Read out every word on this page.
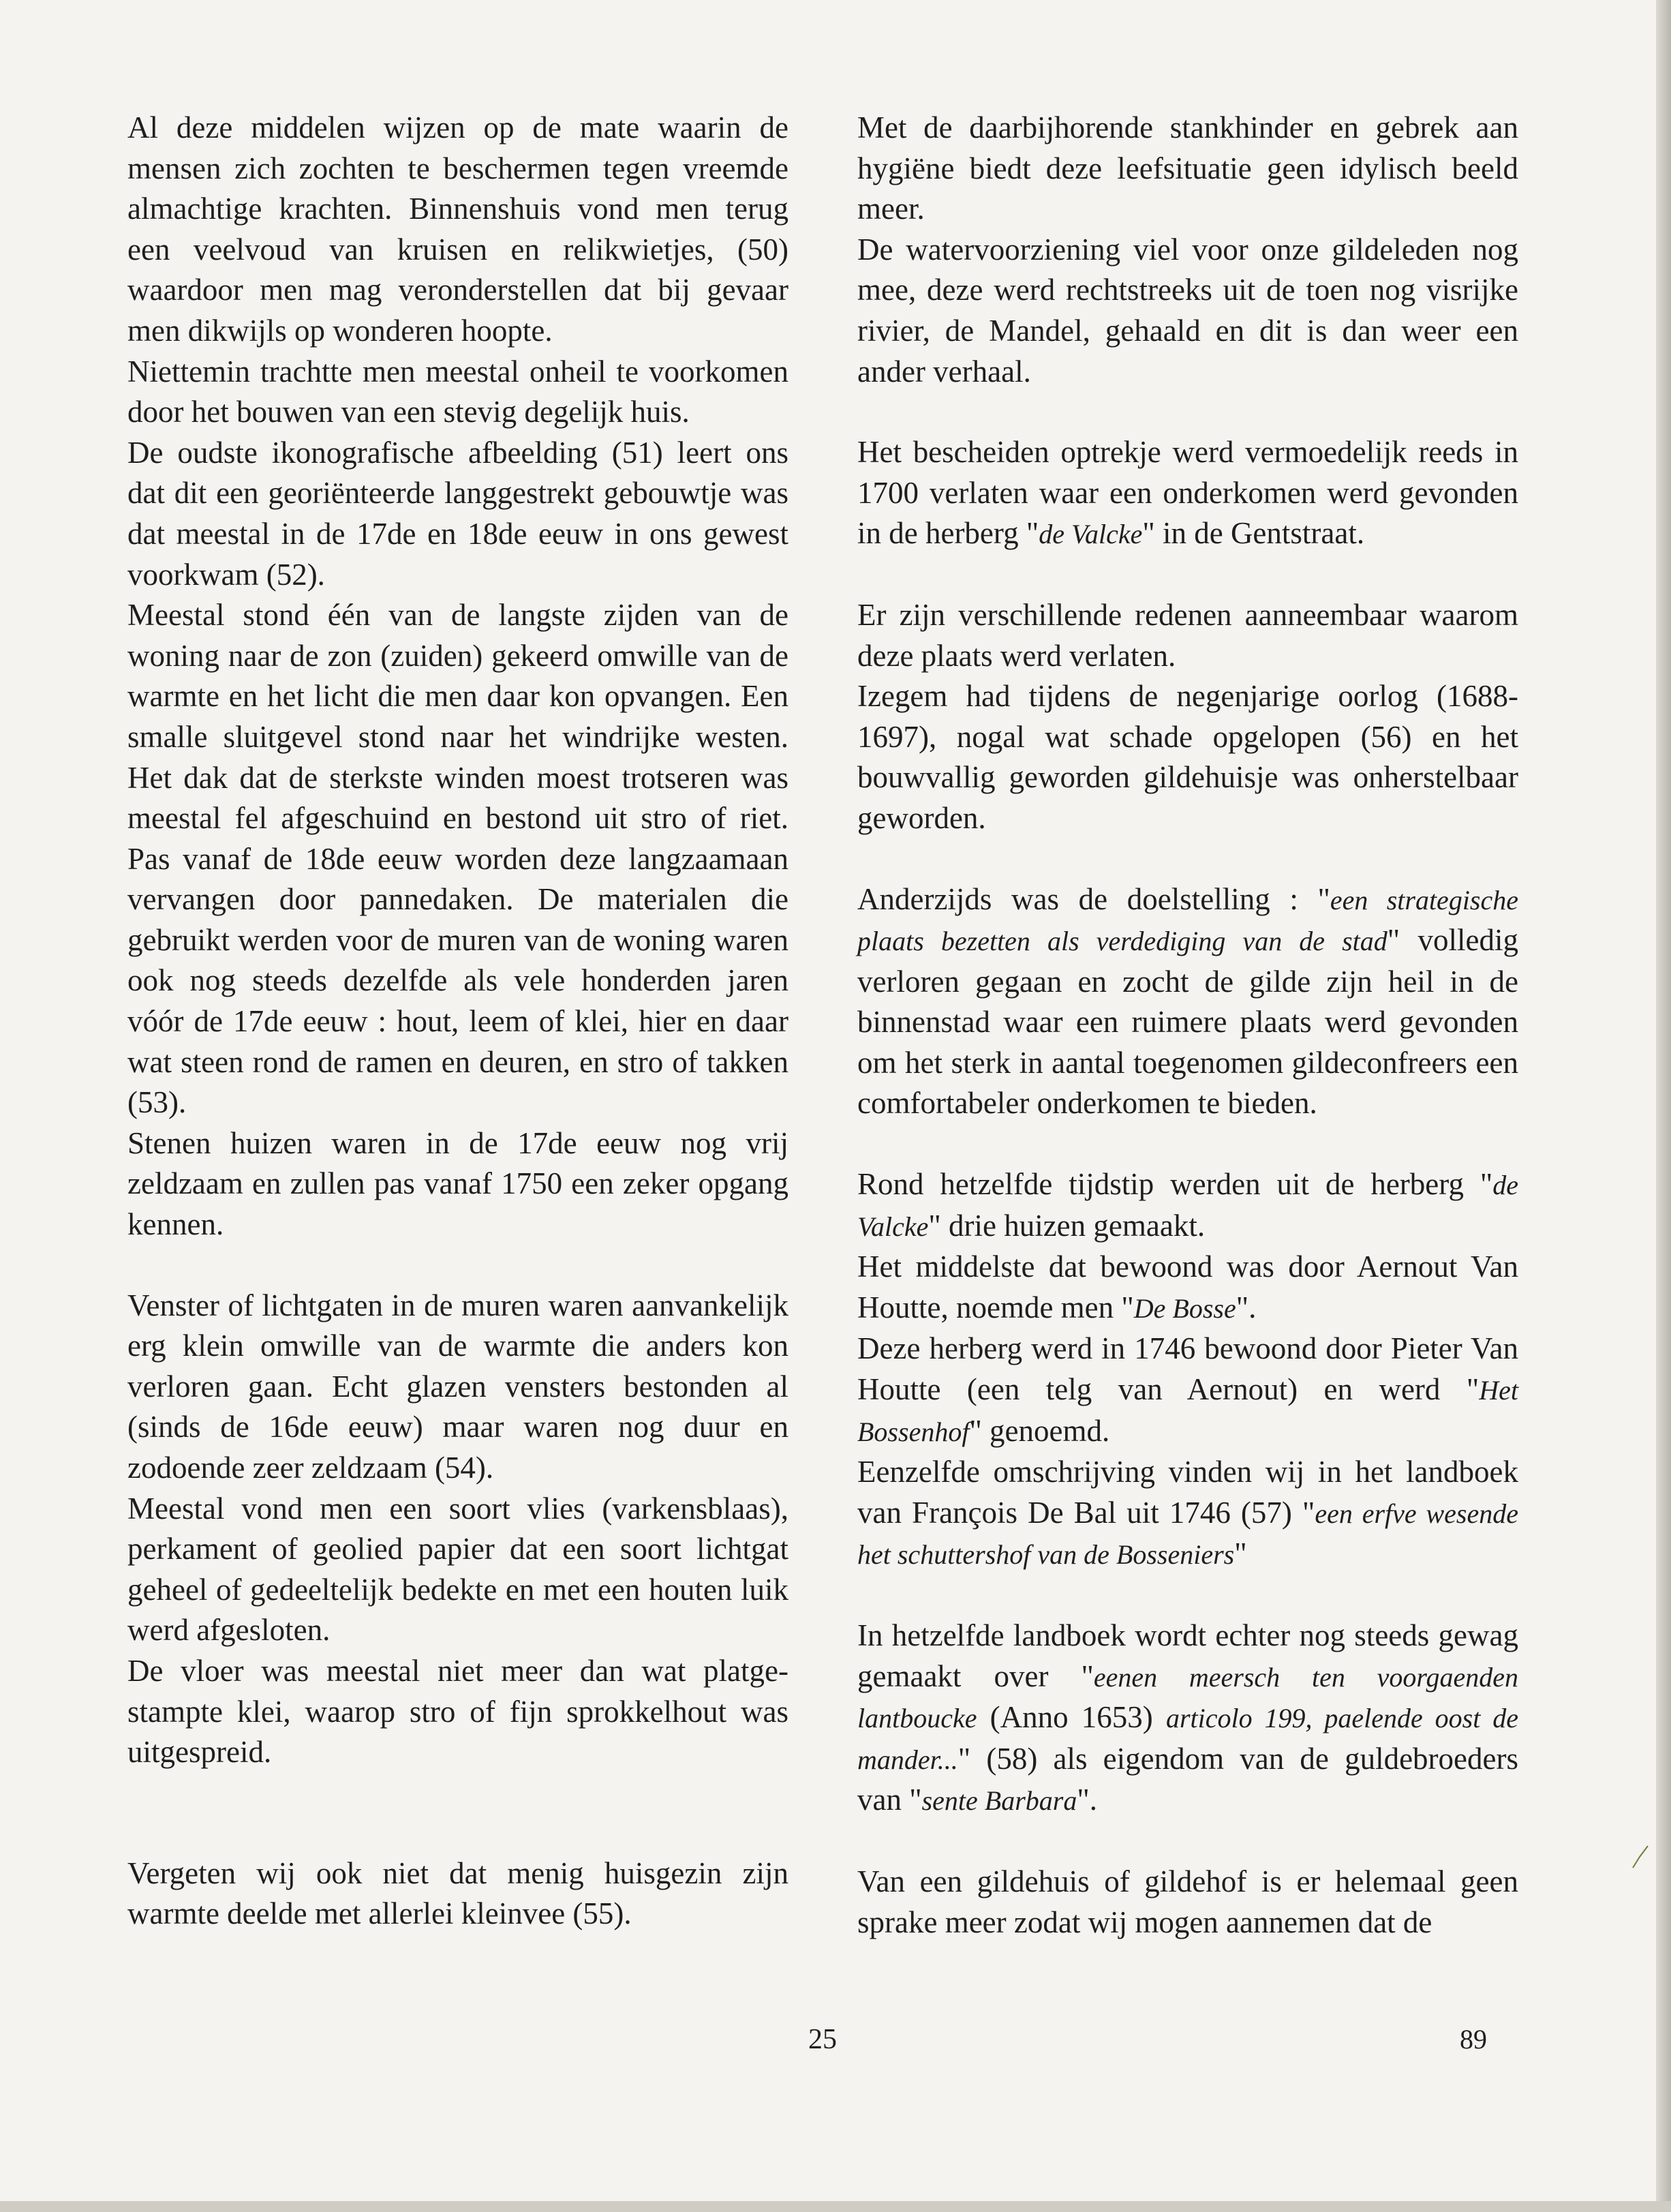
Al deze middelen wijzen op de mate waarin de mensen zich zochten te beschermen tegen vreemde almachtige krachten. Binnenshuis vond men terug een veelvoud van kruisen en relikwietjes, (50) waardoor men mag veronderstellen dat bij gevaar men dikwijls op wonderen hoopte.

Niettemin trachtte men meestal onheil te voorkomen door het bouwen van een stevig degelijk huis.

De oudste ikonografische afbeelding (51) leert ons dat dit een georiënteerde langgestrekt gebouwtje was dat meestal in de 17de en 18de eeuw in ons gewest voorkwam (52).

Meestal stond één van de langste zijden van de woning naar de zon (zuiden) gekeerd omwille van de warmte en het licht die men daar kon opvangen. Een smalle sluitgevel stond naar het windrijke westen. Het dak dat de sterkste winden moest trotseren was meestal fel afgeschuind en bestond uit stro of riet. Pas vanaf de 18de eeuw worden deze langzaamaan vervangen door pannedaken. De materialen die gebruikt werden voor de muren van de woning waren ook nog steeds dezelfde als vele honderden jaren vóór de 17de eeuw : hout, leem of klei, hier en daar wat steen rond de ramen en deuren, en stro of takken (53).

Stenen huizen waren in de 17de eeuw nog vrij zeldzaam en zullen pas vanaf 1750 een zeker opgang kennen.

Venster of lichtgaten in de muren waren aanvankelijk erg klein omwille van de warmte die anders kon verloren gaan. Echt glazen vensters bestonden al (sinds de 16de eeuw) maar waren nog duur en zodoende zeer zeldzaam (54).

Meestal vond men een soort vlies (varkensblaas), perkament of geolied papier dat een soort lichtgat geheel of gedeeltelijk bedekte en met een houten luik werd afgesloten.

De vloer was meestal niet meer dan wat platgestampte klei, waarop stro of fijn sprokkelhout was uitgespreid.

Vergeten wij ook niet dat menig huisgezin zijn warmte deelde met allerlei kleinvee (55).

Met de daarbijhorende stankhinder en gebrek aan hygiëne biedt deze leefsituatie geen idylisch beeld meer.

De watervoorziening viel voor onze gildeleden nog mee, deze werd rechtstreeks uit de toen nog visrijke rivier, de Mandel, gehaald en dit is dan weer een ander verhaal.

Het bescheiden optrekje werd vermoedelijk reeds in 1700 verlaten waar een onderkomen werd gevonden in de herberg "de Valcke" in de Gentstraat.

Er zijn verschillende redenen aanneembaar waarom deze plaats werd verlaten.

Izegem had tijdens de negenjarige oorlog (1688-1697), nogal wat schade opgelopen (56) en het bouwvallig geworden gildehuisje was onherstelbaar geworden.

Anderzijds was de doelstelling : "een strategische plaats bezetten als verdediging van de stad" volledig verloren gegaan en zocht de gilde zijn heil in de binnenstad waar een ruimere plaats werd gevonden om het sterk in aantal toegenomen gildeconfreers een comfortabeler onderkomen te bieden.

Rond hetzelfde tijdstip werden uit de herberg "de Valcke" drie huizen gemaakt.

Het middelste dat bewoond was door Aernout Van Houtte, noemde men "De Bosse".

Deze herberg werd in 1746 bewoond door Pieter Van Houtte (een telg van Aernout) en werd "Het Bossenhof" genoemd.

Eenzelfde omschrijving vinden wij in het landboek van François De Bal uit 1746 (57) "een erfve wesende het schuttershof van de Bosseniers"

In hetzelfde landboek wordt echter nog steeds gewag gemaakt over "eenen meersch ten voorgaenden lantboucke (Anno 1653) articolo 199, paelende oost de mander..." (58) als eigendom van de guldebroeders van "sente Barbara".

Van een gildehuis of gildehof is er helemaal geen sprake meer zodat wij mogen aannemen dat de

25	89
